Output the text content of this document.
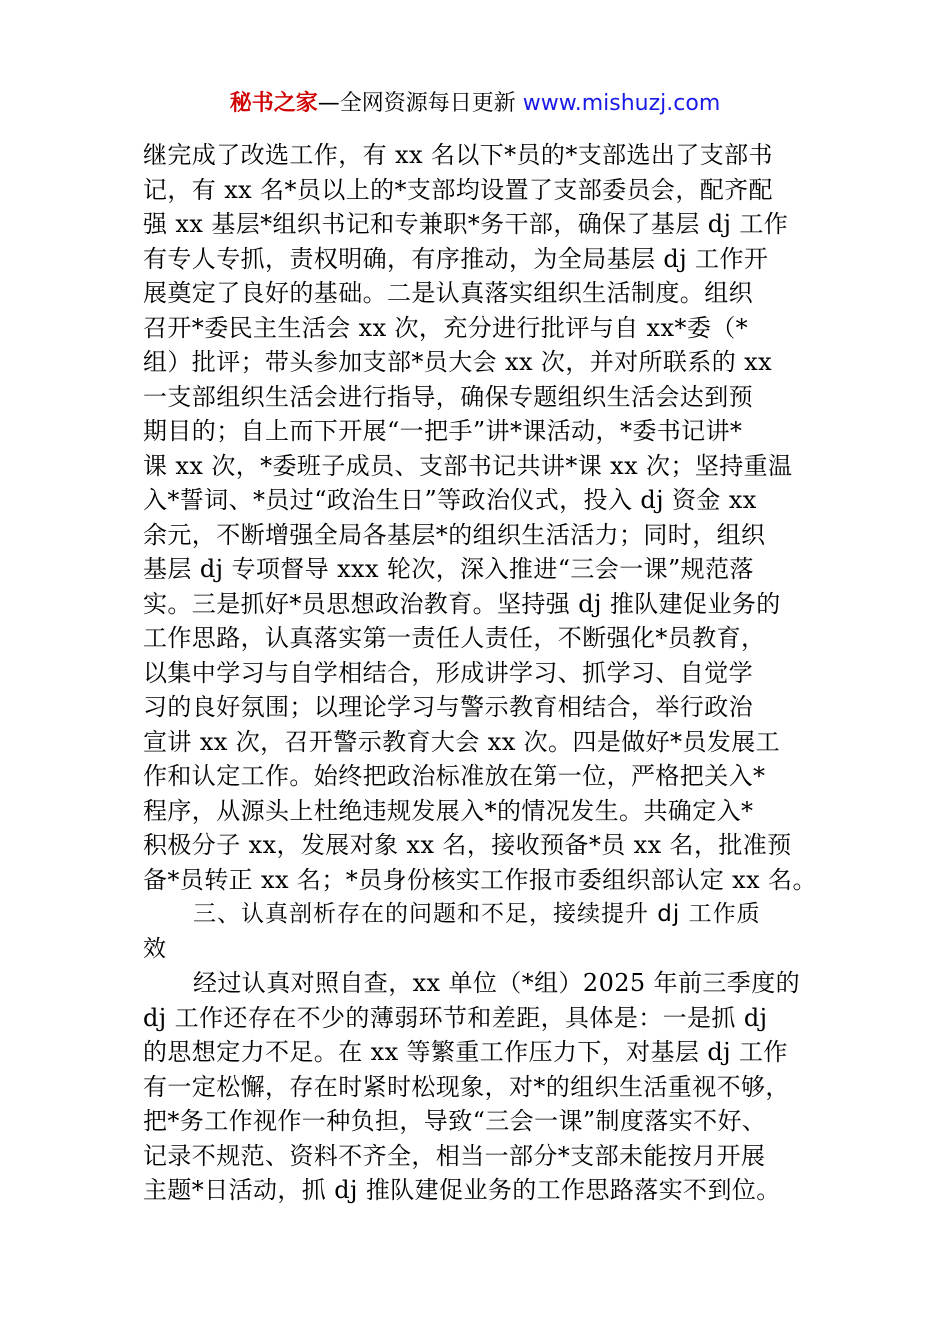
秘书之家—全网资源每日更新 www.mishuzj.com
继完成了改选工作，有 xx 名以下*员的*支部选出了支部书
记，有 xx 名*员以上的*支部均设置了支部委员会，配齐配
强 xx 基层*组织书记和专兼职*务干部，确保了基层 dj 工作
有专人专抓，责权明确，有序推动，为全局基层 dj 工作开
展奠定了良好的基础。二是认真落实组织生活制度。组织
召开*委民主生活会 xx 次，充分进行批评与自 xx*委（*
组）批评；带头参加支部*员大会 xx 次，并对所联系的 xx
一支部组织生活会进行指导，确保专题组织生活会达到预
期目的；自上而下开展“一把手”讲*课活动，*委书记讲*
课 xx 次，*委班子成员、支部书记共讲*课 xx 次；坚持重温
入*誓词、*员过“政治生日”等政治仪式，投入 dj 资金 xx
余元，不断增强全局各基层*的组织生活活力；同时，组织
基层 dj 专项督导 xxx 轮次，深入推进“三会一课”规范落
实。三是抓好*员思想政治教育。坚持强 dj 推队建促业务的
工作思路，认真落实第一责任人责任，不断强化*员教育，
以集中学习与自学相结合，形成讲学习、抓学习、自觉学
习的良好氛围；以理论学习与警示教育相结合，举行政治
宣讲 xx 次，召开警示教育大会 xx 次。四是做好*员发展工
作和认定工作。始终把政治标准放在第一位，严格把关入*
程序，从源头上杜绝违规发展入*的情况发生。共确定入*
积极分子 xx，发展对象 xx 名，接收预备*员 xx 名，批准预
备*员转正 xx 名；*员身份核实工作报市委组织部认定 xx 名。
三、认真剖析存在的问题和不足，接续提升 dj 工作质
效
经过认真对照自查，xx 单位（*组）2025 年前三季度的
dj 工作还存在不少的薄弱环节和差距，具体是：一是抓 dj
的思想定力不足。在 xx 等繁重工作压力下，对基层 dj 工作
有一定松懈，存在时紧时松现象，对*的组织生活重视不够，
把*务工作视作一种负担，导致“三会一课”制度落实不好、
记录不规范、资料不齐全，相当一部分*支部未能按月开展
主题*日活动，抓 dj 推队建促业务的工作思路落实不到位。
